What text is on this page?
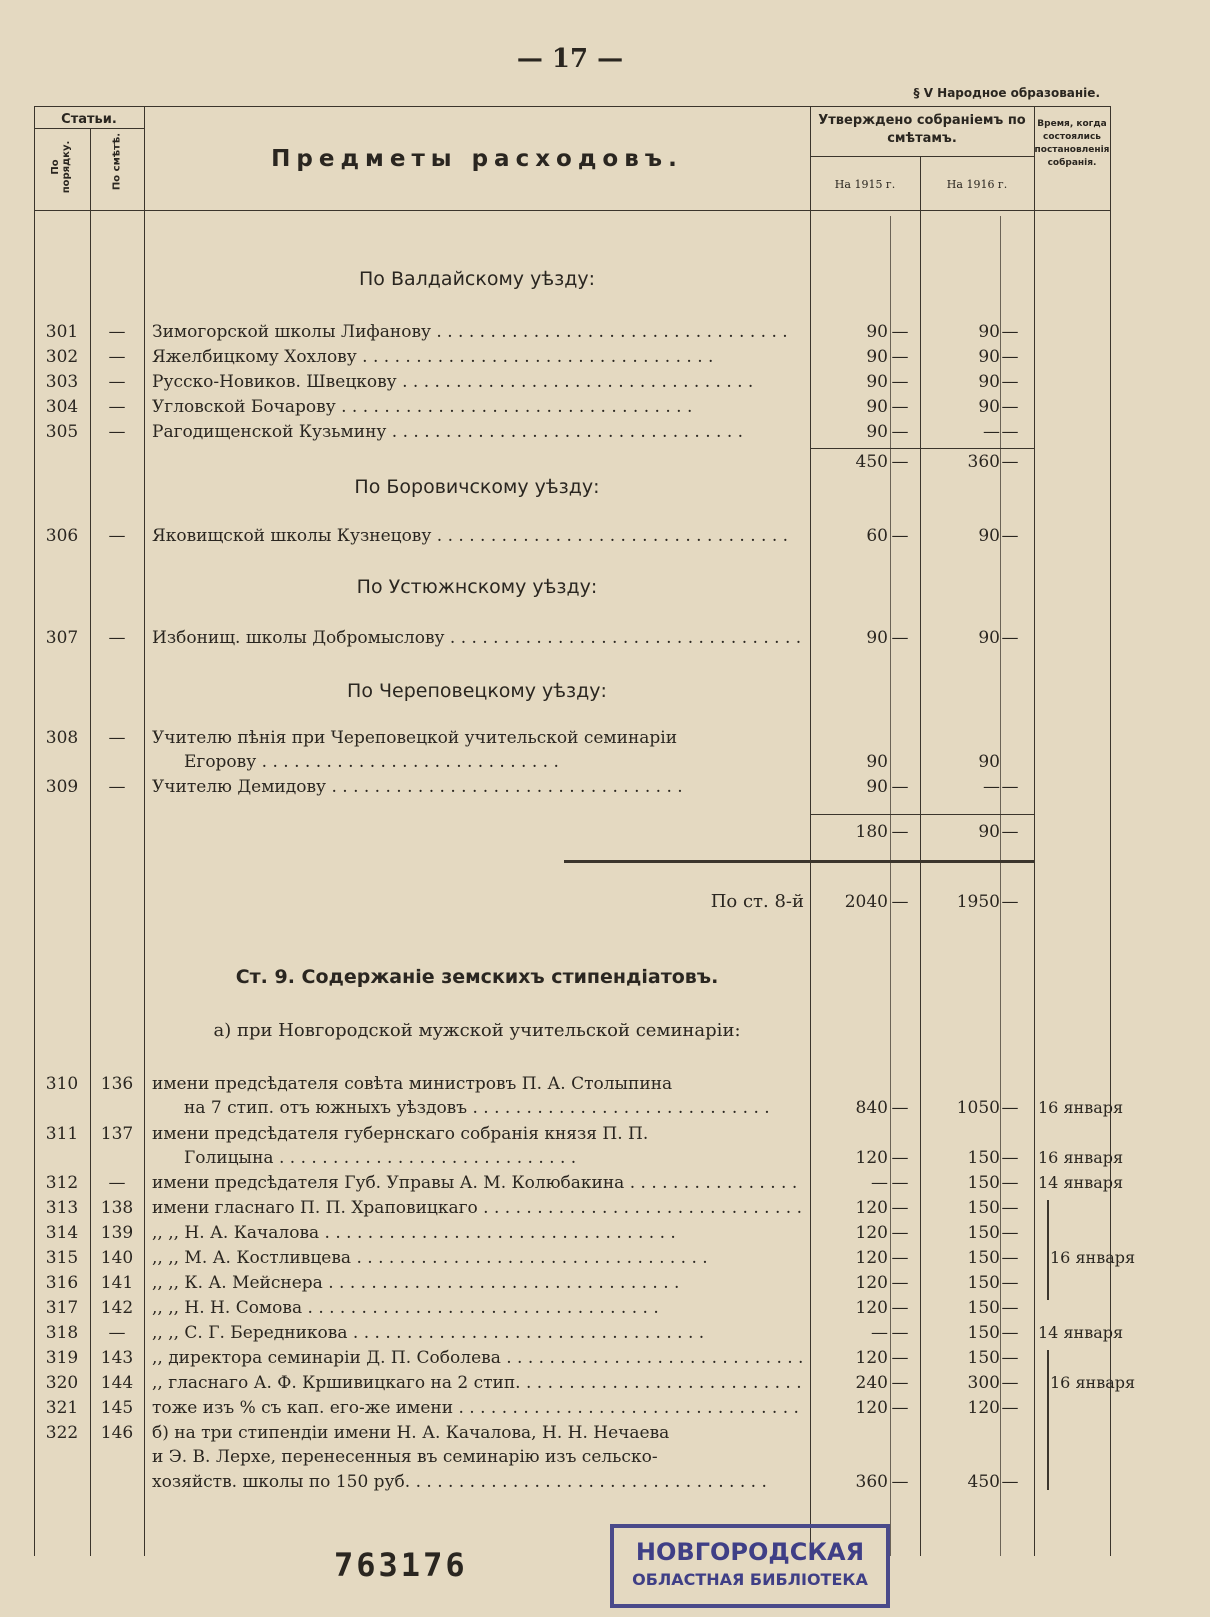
— 17 —
§ V Народное образованіе.
Статьи.
По порядку.	По смѣтѣ.	Предметы расходовъ.
Утверждено собраніемъ по смѣтамъ.
На 1915 г.	На 1916 г.
Время, когда состоялись постановленія собранія.
По Валдайскому уѣзду:
301	—	Зимогорской школы Лифанову . . .	90 —	90 —
302	—	Яжелбицкому Хохлову . . .	90 —	90 —
303	—	Русско-Новиков. Швецкову . . .	90 —	90 —
304	—	Угловской Бочарову . . .	90 —	90 —
305	—	Рагодищенской Кузьмину . . .	90 —	— —
450 —	360 —
По Боровичскому уѣзду:
306	—	Яковищской школы Кузнецову . . .	60 —	90 —
По Устюжнскому уѣзду:
307	—	Избонищ. школы Добромыслову . . .	90 —	90 —
По Череповецкому уѣзду:
308	—	Учителю пѣнія при Череповецкой учительской семинаріи
Егорову . . .	90	90
309	—	Учителю Демидову . . .	90 —	— —
180 —	90 —
По ст. 8-й	2040 —	1950 —
Ст. 9. Содержаніе земскихъ стипендіатовъ.
а) при Новгородской мужской учительской семинаріи:
310	136	имени предсѣдателя совѣта министровъ П. А. Столыпина
на 7 стип. отъ южныхъ уѣздовъ . . .	840 —	1050 — 16 января
311	137	имени предсѣдателя губернскаго собранія князя П. П.
Голицына . . .	120 —	150 — 16 января
312	—	имени предсѣдателя Губ. Управы А. М. Колюбакина . . .	— —	150 — 14 января
313	138	имени гласнаго П. П. Храповицкаго . . .	120 —	150 —
314	139	,, ,, Н. А. Качалова . . .	120 —	150 —
315	140	,, ,, М. А. Костливцева . . .	120 —	150 — 16 января
316	141	,, ,, К. А. Мейснера . . .	120 —	150 —
317	142	,, ,, Н. Н. Сомова . . .	120 —	150 —
318	—	,, ,, С. Г. Бередникова . . .	— —	150 — 14 января
319	143	,, директора семинаріи Д. П. Соболева . . .	120 —	150 —
320	144	,, гласнаго А. Ф. Кршивицкаго на 2 стип. . . .	240 —	300 — 16 января
321	145	тоже изъ % съ кап. его-же имени . . .	120 —	120 —
322	146	б) на три стипендіи имени Н. А. Качалова, Н. Н. Нечаева
и Э. В. Лерхе, перенесенныя въ семинарію изъ сельско-
хозяйств. школы по 150 руб. . . .	360 —	450 —
763176	НОВГОРОДСКАЯ
ОБЛАСТНАЯ БИБЛІОТЕКА
